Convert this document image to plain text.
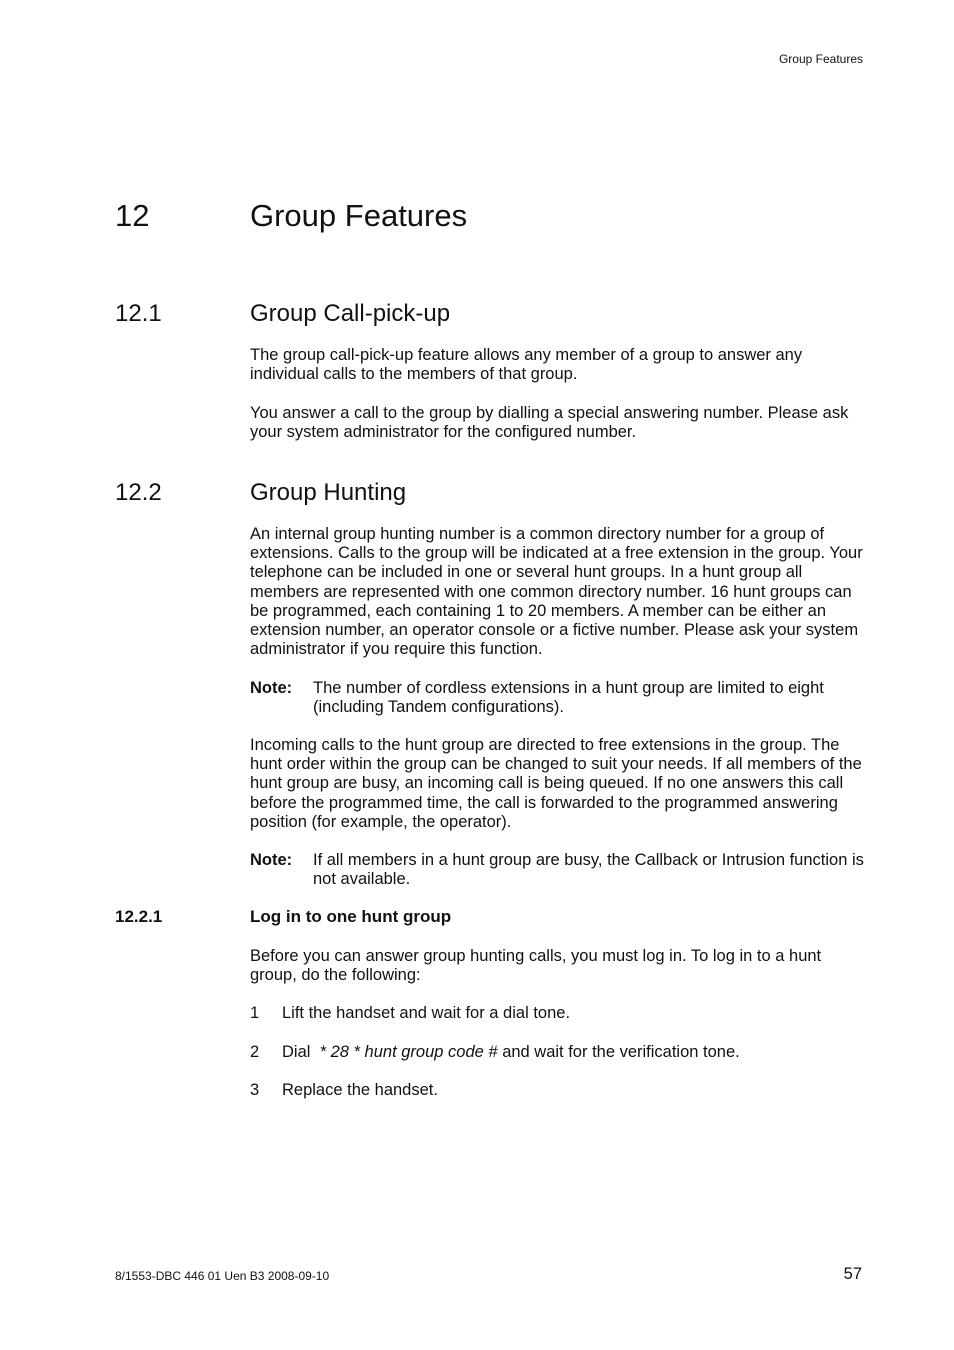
Group Features
12	Group Features
12.1	Group Call-pick-up

The group call-pick-up feature allows any member of a group to answer any individual calls to the members of that group.

You answer a call to the group by dialling a special answering number. Please ask your system administrator for the configured number.

12.2	Group Hunting

An internal group hunting number is a common directory number for a group of extensions. Calls to the group will be indicated at a free extension in the group. Your telephone can be included in one or several hunt groups. In a hunt group all members are represented with one common directory number. 16 hunt groups can be programmed, each containing 1 to 20 members. A member can be either an extension number, an operator console or a fictive number. Please ask your system administrator if you require this function.

Note: The number of cordless extensions in a hunt group are limited to eight (including Tandem configurations).

Incoming calls to the hunt group are directed to free extensions in the group. The hunt order within the group can be changed to suit your needs. If all members of the hunt group are busy, an incoming call is being queued. If no one answers this call before the programmed time, the call is forwarded to the programmed answering position (for example, the operator).

Note: If all members in a hunt group are busy, the Callback or Intrusion function is not available.

12.2.1	Log in to one hunt group

Before you can answer group hunting calls, you must log in. To log in to a hunt group, do the following:

1 Lift the handset and wait for a dial tone.
2 Dial * 28 * hunt group code # and wait for the verification tone.
3 Replace the handset.
8/1553-DBC 446 01 Uen B3 2008-09-10	57
